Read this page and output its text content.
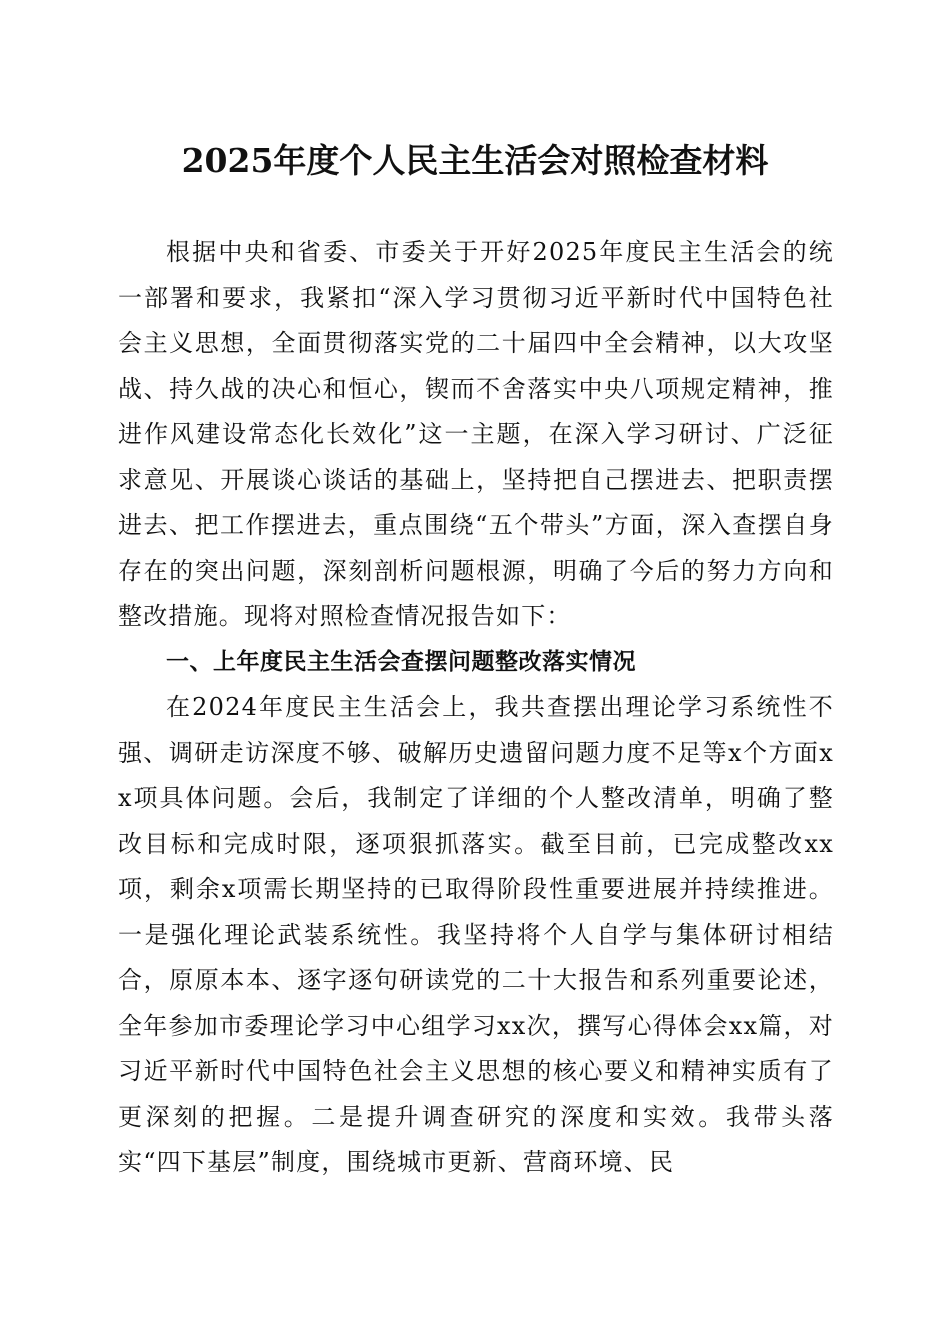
2025年度个人民主生活会对照检查材料

根据中央和省委、市委关于开好2025年度民主生活会的统一部署和要求，我紧扣“深入学习贯彻习近平新时代中国特色社会主义思想，全面贯彻落实党的二十届四中全会精神，以大攻坚战、持久战的决心和恒心，锲而不舍落实中央八项规定精神，推进作风建设常态化长效化”这一主题，在深入学习研讨、广泛征求意见、开展谈心谈话的基础上，坚持把自己摆进去、把职责摆进去、把工作摆进去，重点围绕“五个带头”方面，深入查摆自身存在的突出问题，深刻剖析问题根源，明确了今后的努力方向和整改措施。现将对照检查情况报告如下：

一、上年度民主生活会查摆问题整改落实情况

在2024年度民主生活会上，我共查摆出理论学习系统性不强、调研走访深度不够、破解历史遗留问题力度不足等x个方面xx项具体问题。会后，我制定了详细的个人整改清单，明确了整改目标和完成时限，逐项狠抓落实。截至目前，已完成整改xx项，剩余x项需长期坚持的已取得阶段性重要进展并持续推进。一是强化理论武装系统性。我坚持将个人自学与集体研讨相结合，原原本本、逐字逐句研读党的二十大报告和系列重要论述，全年参加市委理论学习中心组学习xx次，撰写心得体会xx篇，对习近平新时代中国特色社会主义思想的核心要义和精神实质有了更深刻的把握。二是提升调查研究的深度和实效。我带头落实“四下基层”制度，围绕城市更新、营商环境、民
